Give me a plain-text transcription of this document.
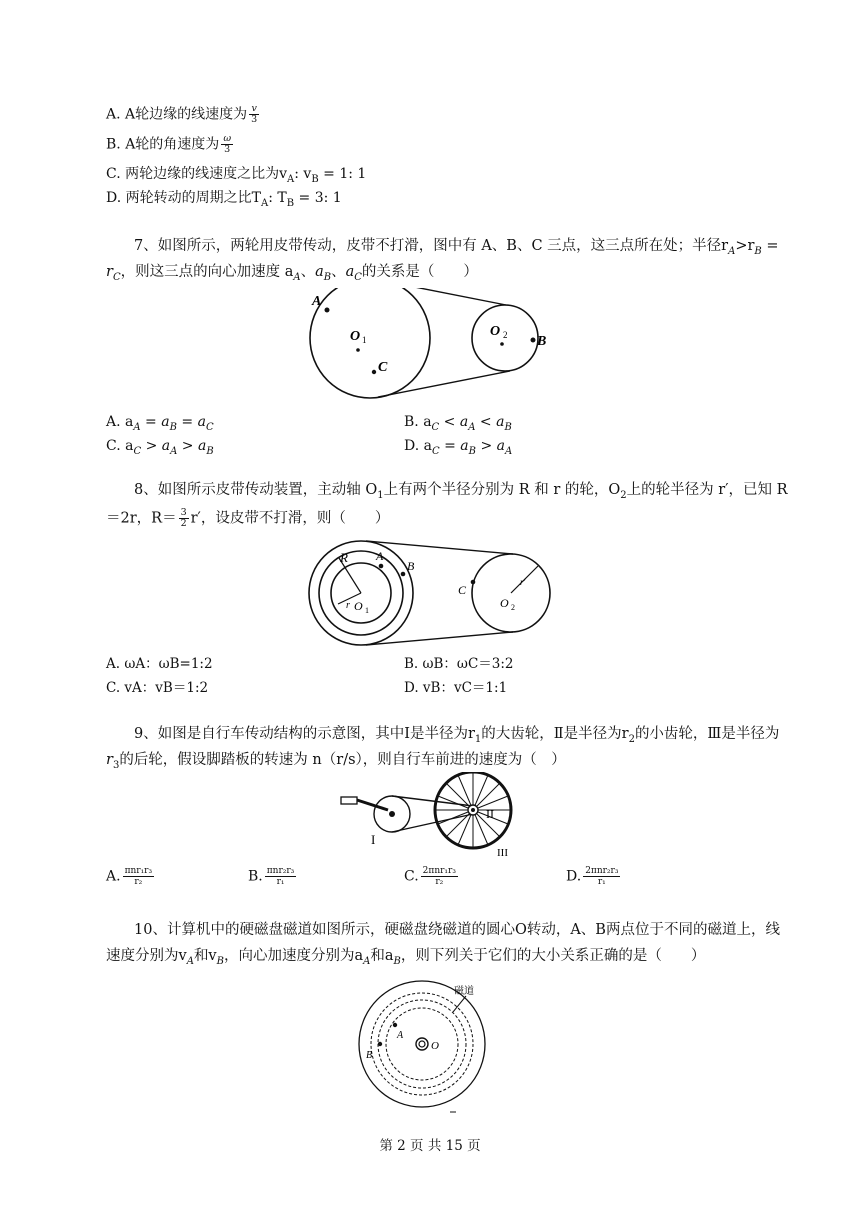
A. A轮边缘的线速度为 $\frac{v}{3}$
B. A轮的角速度为 $\frac{\omega}{3}$
C. 两轮边缘的线速度之比为$v_A$: $v_B = 1$: 1
D. 两轮转动的周期之比$T_A$: $T_B = 3$: 1
7、如图所示，两轮用皮带传动，皮带不打滑，图中有 A、B、C 三点，这三点所在处；半径$r_A>r_B$ =
$r_C$，则这三点的向心加速度 $a_A$、$a_B$、$a_C$的关系是（　　）
A
O 1
C
O 2 B
A. $a_A = a_B = a_C$	B. $a_C < a_A < a_B$
C. $a_C > a_A > a_B$	D. $a_C = a_B > a_A$
8、如图所示皮带传动装置，主动轴 $O_1$上有两个半径分别为 R 和 r 的轮，$O_2$上的轮半径为 r′，已知 R
＝2r，$R= \frac{3}{2} r'$，设皮带不打滑，则（　　）
R
r
A
B
O 1
C
r′
O 2
A. ωA：ωB=1:2	B. ωB：ωC＝3:2
C. vA：vB＝1:2	D. vB：vC＝1:1
9、如图是自行车传动结构的示意图，其中Ⅰ是半径为$r_1$的大齿轮，Ⅱ是半径为$r_2$的小齿轮，Ⅲ是半径为
$r_3$的后轮，假设脚踏板的转速为 n（r/s），则自行车前进的速度为（　）
I
II
III
A. $\frac{\text{πnr₁r₃}}{\text{r₂}}$	B. $\frac{\text{πnr₂r₃}}{\text{r₁}}$	C. $\frac{\text{2πnr₁r₃}}{\text{r₂}}$	D. $\frac{\text{2πnr₂r₃}}{\text{r₁}}$
10、计算机中的硬磁盘磁道如图所示，硬磁盘绕磁道的圆心O转动，A、B两点位于不同的磁道上，线
速度分别为$v_A$和$v_B$，向心加速度分别为$a_A$和$a_B$，则下列关于它们的大小关系正确的是（　　）
O
A
B
磁道
第 2 页 共 15 页
